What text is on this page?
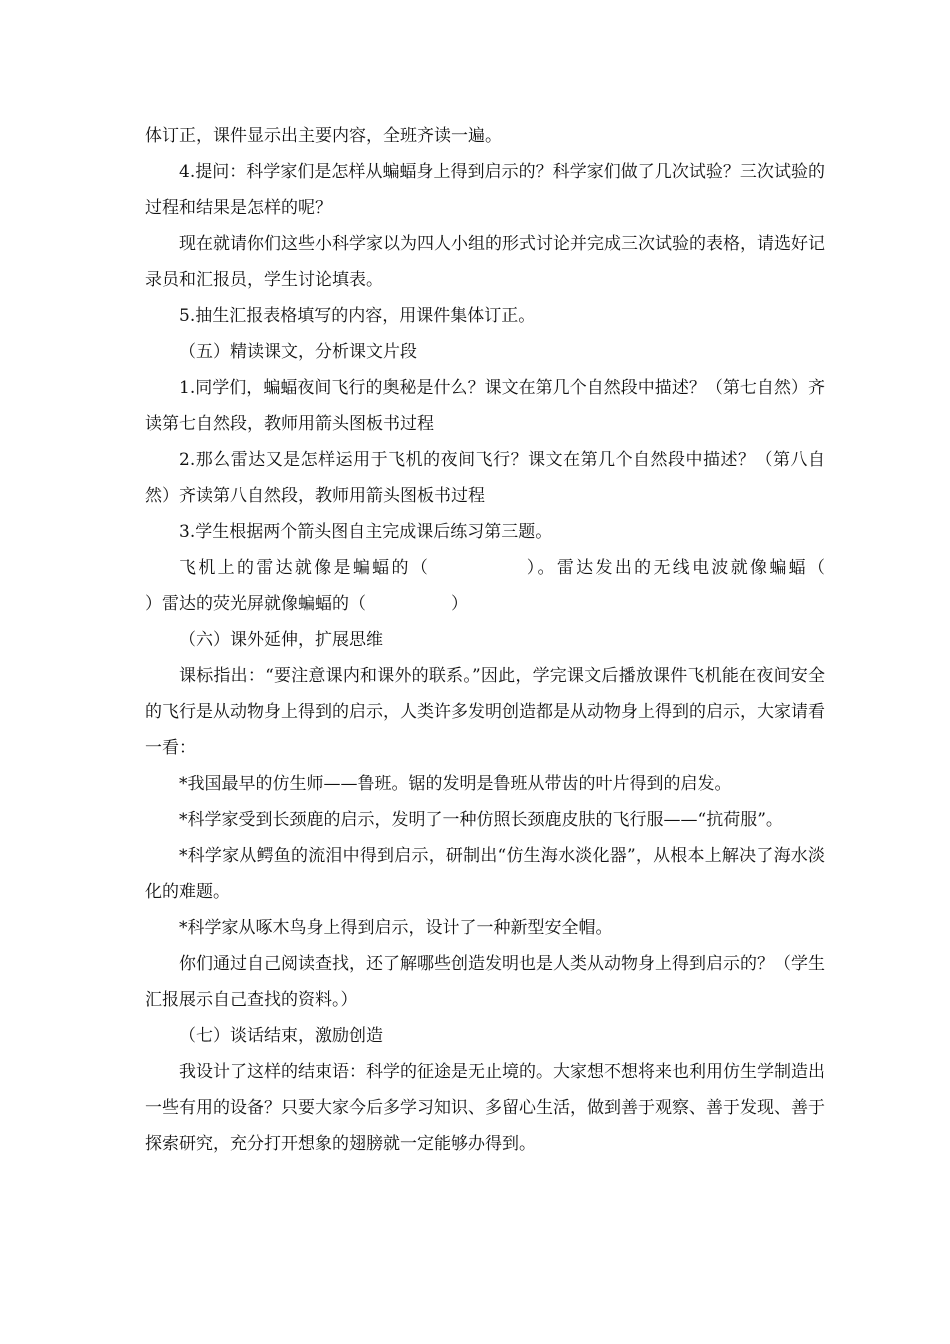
体订正，课件显示出主要内容，全班齐读一遍。

4.提问：科学家们是怎样从蝙蝠身上得到启示的？科学家们做了几次试验？三次试验的过程和结果是怎样的呢？

现在就请你们这些小科学家以为四人小组的形式讨论并完成三次试验的表格，请选好记录员和汇报员，学生讨论填表。

5.抽生汇报表格填写的内容，用课件集体订正。

（五）精读课文，分析课文片段

1.同学们，蝙蝠夜间飞行的奥秘是什么？课文在第几个自然段中描述？（第七自然）齐读第七自然段，教师用箭头图板书过程

2.那么雷达又是怎样运用于飞机的夜间飞行？课文在第几个自然段中描述？（第八自然）齐读第八自然段，教师用箭头图板书过程

3.学生根据两个箭头图自主完成课后练习第三题。

飞机上的雷达就像是蝙蝠的（　　　　　）。雷达发出的无线电波就像蝙蝠（　　　　　）雷达的荧光屏就像蝙蝠的（　　　　　）

（六）课外延伸，扩展思维

课标指出：“要注意课内和课外的联系。”因此，学完课文后播放课件飞机能在夜间安全的飞行是从动物身上得到的启示，人类许多发明创造都是从动物身上得到的启示，大家请看一看：

*我国最早的仿生师——鲁班。锯的发明是鲁班从带齿的叶片得到的启发。

*科学家受到长颈鹿的启示，发明了一种仿照长颈鹿皮肤的飞行服——“抗荷服”。

*科学家从鳄鱼的流泪中得到启示，研制出“仿生海水淡化器”，从根本上解决了海水淡化的难题。

*科学家从啄木鸟身上得到启示，设计了一种新型安全帽。

你们通过自己阅读查找，还了解哪些创造发明也是人类从动物身上得到启示的？（学生汇报展示自己查找的资料。）

（七）谈话结束，激励创造

我设计了这样的结束语：科学的征途是无止境的。大家想不想将来也利用仿生学制造出一些有用的设备？只要大家今后多学习知识、多留心生活，做到善于观察、善于发现、善于探索研究，充分打开想象的翅膀就一定能够办得到。
